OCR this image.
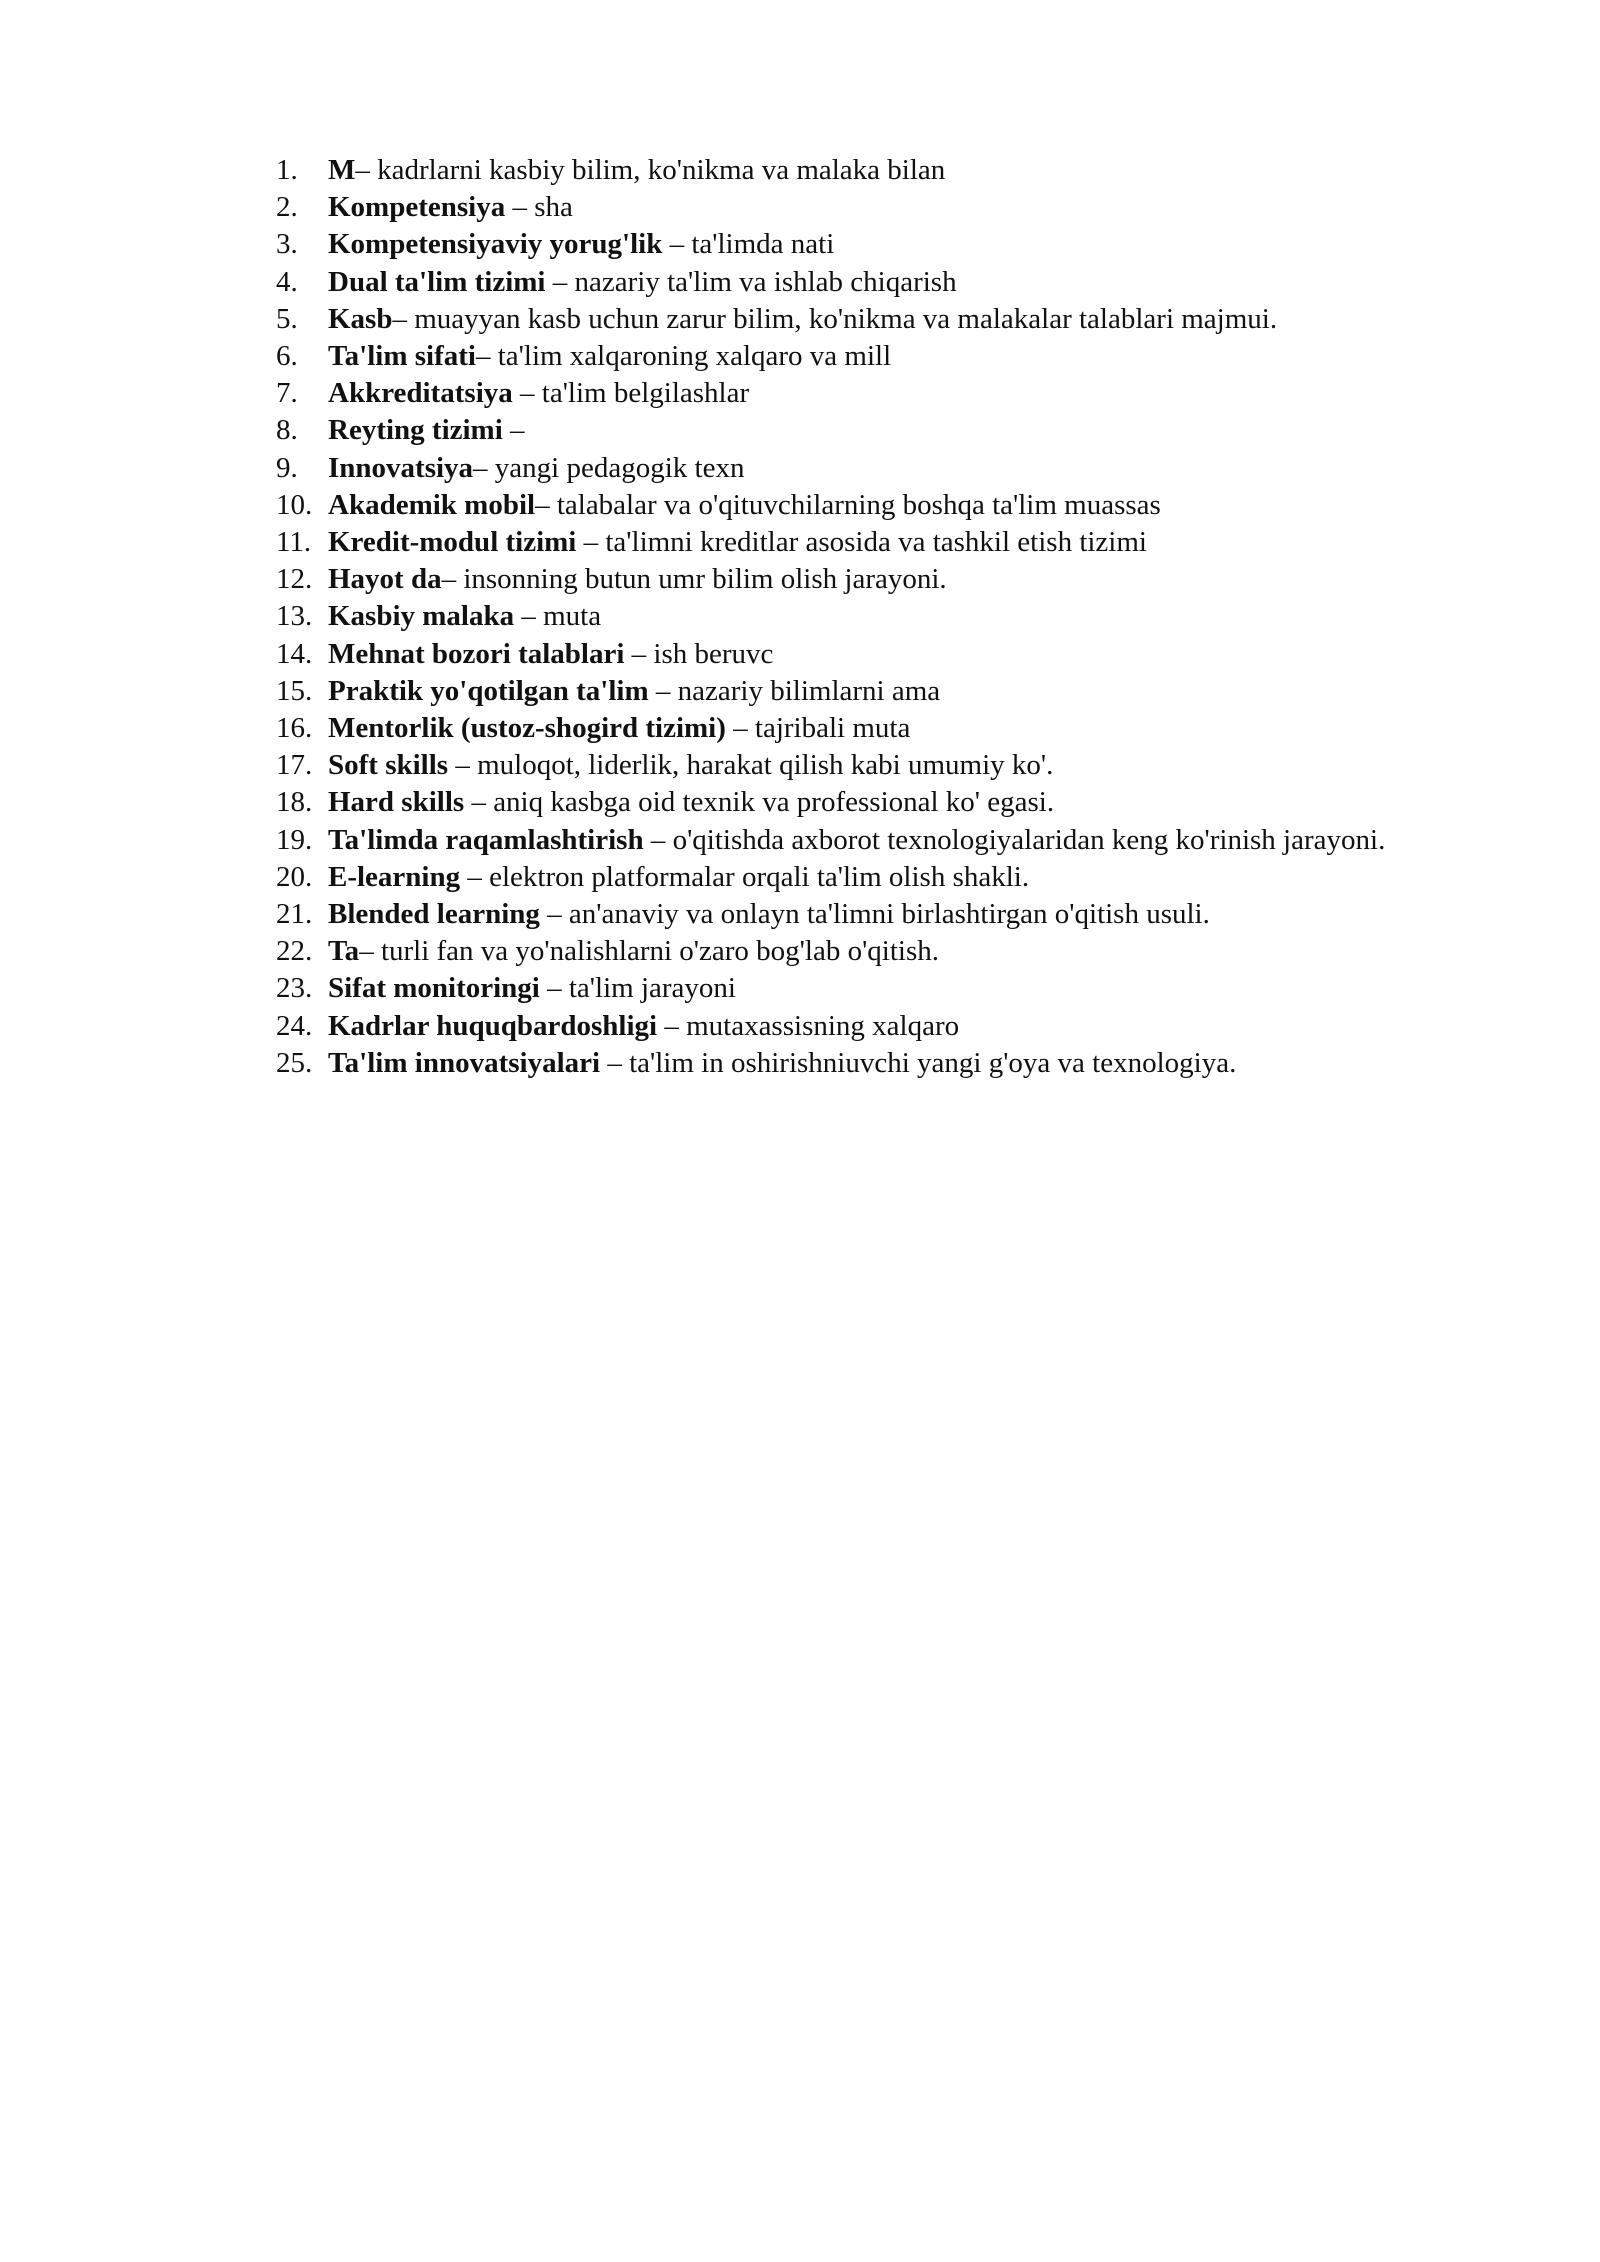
1.	M– kadrlarni kasbiy bilim, ko'nikma va malaka bilan
2.	Kompetensiya – sha
3.	Kompetensiyaviy yorug'lik – ta'limda nati
4.	Dual ta'lim tizimi – nazariy ta'lim va ishlab chiqarish
5.	Kasb– muayyan kasb uchun zarur bilim, ko'nikma va malakalar talablari majmui.
6.	Ta'lim sifati– ta'lim xalqaroning xalqaro va mill
7.	Akkreditatsiya – ta'lim belgilashlar
8.	Reyting tizimi –
9.	Innovatsiya– yangi pedagogik texn
10. Akademik mobil– talabalar va o'qituvchilarning boshqa ta'lim muassas
11. Kredit-modul tizimi – ta'limni kreditlar asosida va tashkil etish tizimi
12. Hayot da– insonning butun umr bilim olish jarayoni.
13. Kasbiy malaka – muta
14. Mehnat bozori talablari – ish beruvc
15. Praktik yo'qotilgan ta'lim – nazariy bilimlarni ama
16. Mentorlik (ustoz-shogird tizimi) – tajribali muta
17. Soft skills – muloqot, liderlik, harakat qilish kabi umumiy ko'.
18. Hard skills – aniq kasbga oid texnik va professional ko' egasi.
19. Ta'limda raqamlashtirish – o'qitishda axborot texnologiyalaridan keng ko'rinish jarayoni.
20. E-learning – elektron platformalar orqali ta'lim olish shakli.
21. Blended learning – an'anaviy va onlayn ta'limni birlashtirgan o'qitish usuli.
22. Ta– turli fan va yo'nalishlarni o'zaro bog'lab o'qitish.
23. Sifat monitoringi – ta'lim jarayoni
24. Kadrlar huquqbardoshligi – mutaxassisning xalqaro
25. Ta'lim innovatsiyalari – ta'lim in oshirishniuvchi yangi g'oya va texnologiya.
